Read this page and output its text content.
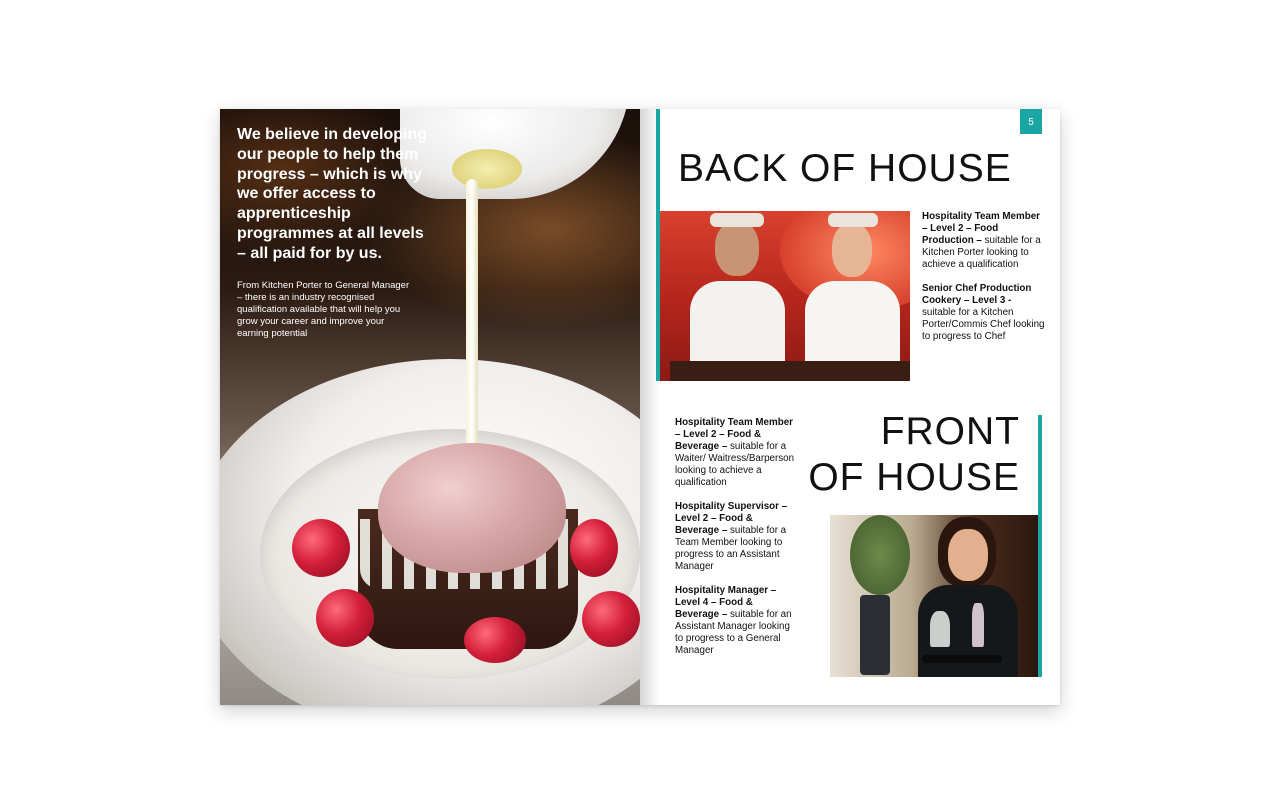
We believe in developing our people to help them progress – which is why we offer access to apprenticeship programmes at all levels – all paid for by us.

From Kitchen Porter to General Manager – there is an industry recognised qualification available that will help you grow your career and improve your earning potential

5
BACK OF HOUSE

Hospitality Team Member – Level 2 – Food Production – suitable for a Kitchen Porter looking to achieve a qualification

Senior Chef Production Cookery – Level 3 - suitable for a Kitchen Porter/Commis Chef looking to progress to Chef

FRONT
OF HOUSE

Hospitality Team Member – Level 2 – Food & Beverage – suitable for a Waiter/ Waitress/Barperson looking to achieve a qualification

Hospitality Supervisor – Level 2 – Food & Beverage – suitable for a Team Member looking to progress to an Assistant Manager

Hospitality Manager – Level 4 – Food & Beverage – suitable for an Assistant Manager looking to progress to a General Manager
